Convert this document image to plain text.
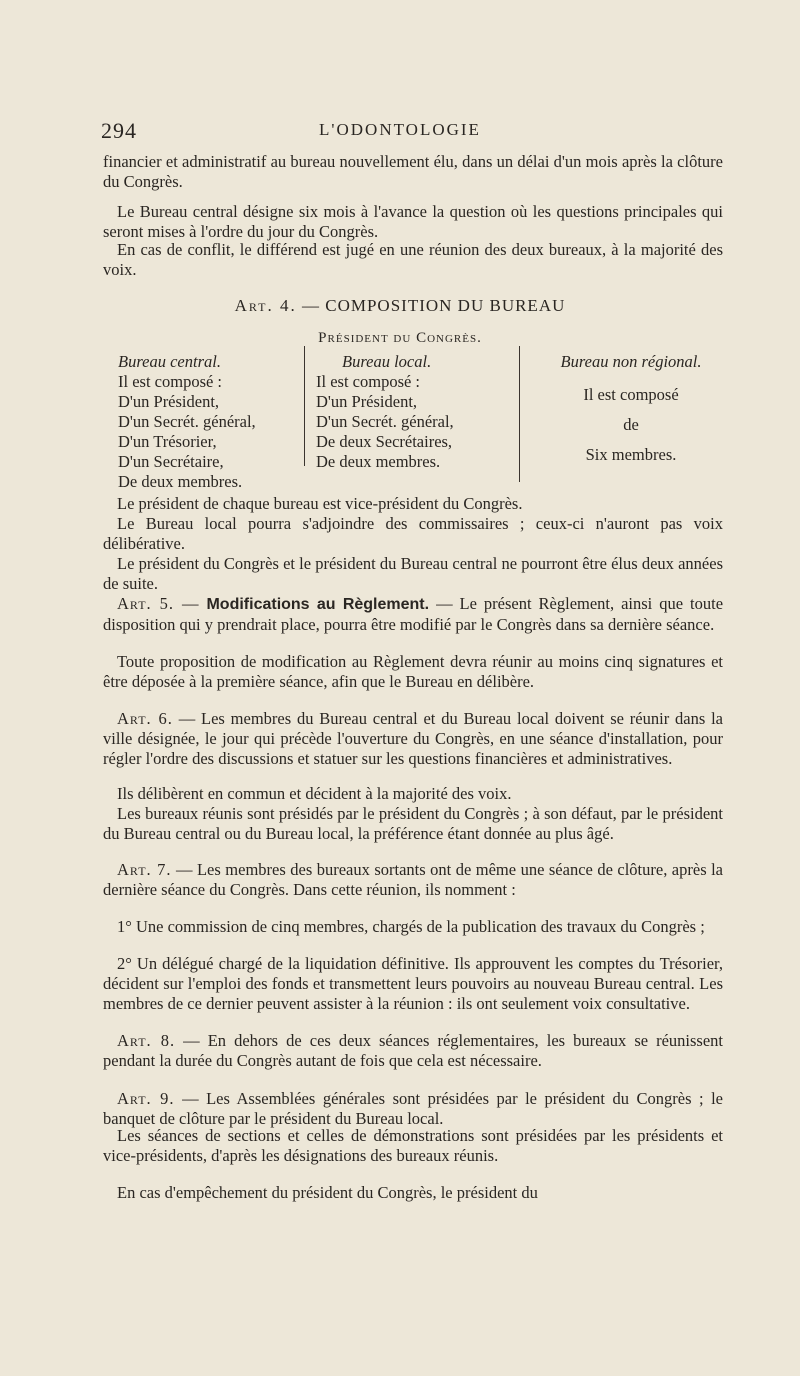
294	L'ODONTOLOGIE

financier et administratif au bureau nouvellement élu, dans un délai d'un mois après la clôture du Congrès.

Le Bureau central désigne six mois à l'avance la question où les questions principales qui seront mises à l'ordre du jour du Congrès.

En cas de conflit, le différend est jugé en une réunion des deux bureaux, à la majorité des voix.

Art. 4. — COMPOSITION DU BUREAU

Président du Congrès.
Bureau central.
Il est composé :
D'un Président,
D'un Secrét. général,
D'un Trésorier,
D'un Secrétaire,
De deux membres.
Bureau local.
Il est composé :
D'un Président,
D'un Secrét. général,
De deux Secrétaires,
De deux membres.
Bureau non régional.
Il est composé
de
Six membres.

Le président de chaque bureau est vice-président du Congrès.

Le Bureau local pourra s'adjoindre des commissaires ; ceux-ci n'auront pas voix délibérative.

Le président du Congrès et le président du Bureau central ne pourront être élus deux années de suite.

Art. 5. — Modifications au Règlement. — Le présent Règlement, ainsi que toute disposition qui y prendrait place, pourra être modifié par le Congrès dans sa dernière séance.

Toute proposition de modification au Règlement devra réunir au moins cinq signatures et être déposée à la première séance, afin que le Bureau en délibère.

Art. 6. — Les membres du Bureau central et du Bureau local doivent se réunir dans la ville désignée, le jour qui précède l'ouverture du Congrès, en une séance d'installation, pour régler l'ordre des discussions et statuer sur les questions financières et administratives.

Ils délibèrent en commun et décident à la majorité des voix.

Les bureaux réunis sont présidés par le président du Congrès ; à son défaut, par le président du Bureau central ou du Bureau local, la préférence étant donnée au plus âgé.

Art. 7. — Les membres des bureaux sortants ont de même une séance de clôture, après la dernière séance du Congrès. Dans cette réunion, ils nomment :

1° Une commission de cinq membres, chargés de la publication des travaux du Congrès ;

2° Un délégué chargé de la liquidation définitive. Ils approuvent les comptes du Trésorier, décident sur l'emploi des fonds et transmettent leurs pouvoirs au nouveau Bureau central. Les membres de ce dernier peuvent assister à la réunion : ils ont seulement voix consultative.

Art. 8. — En dehors de ces deux séances réglementaires, les bureaux se réunissent pendant la durée du Congrès autant de fois que cela est nécessaire.

Art. 9. — Les Assemblées générales sont présidées par le président du Congrès ; le banquet de clôture par le président du Bureau local.

Les séances de sections et celles de démonstrations sont présidées par les présidents et vice-présidents, d'après les désignations des bureaux réunis.

En cas d'empêchement du président du Congrès, le président du
